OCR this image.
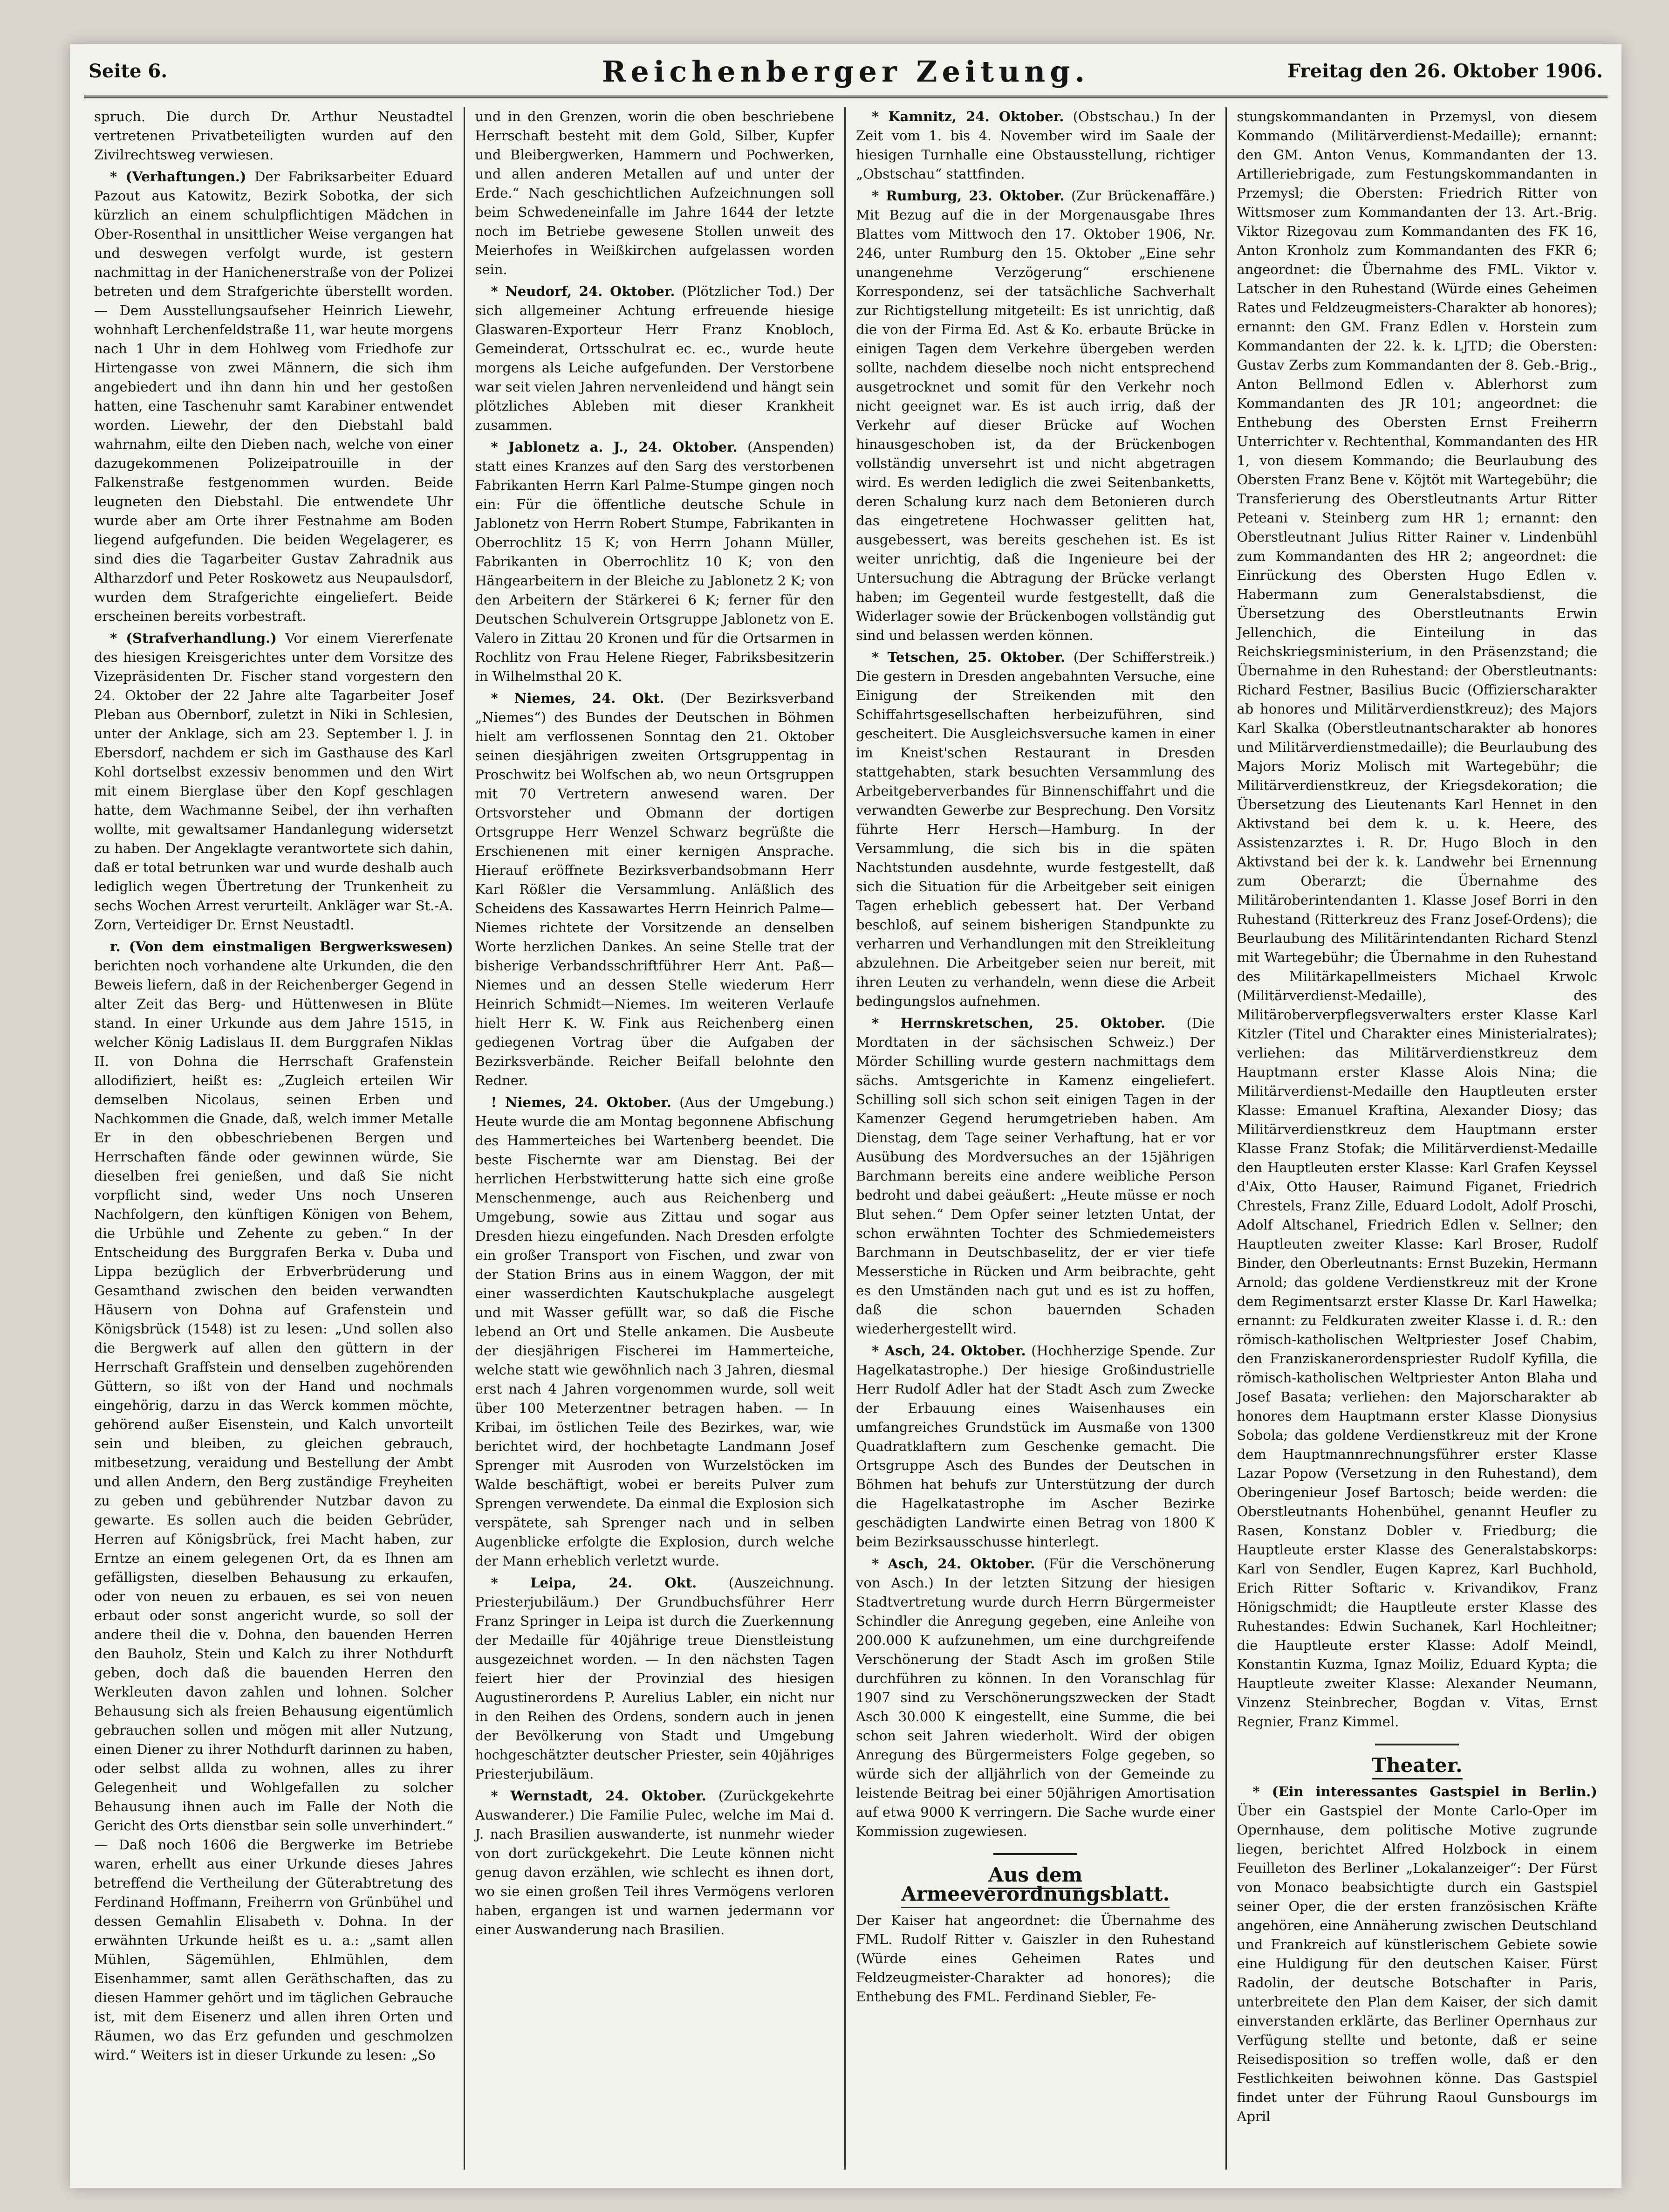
Seite 6.	Reichenberger Zeitung.	Freitag den 26. Oktober 1906.

spruch. Die durch Dr. Arthur Neustadtel vertretenen Privatbeteiligten wurden auf den Zivilrechtsweg verwiesen.

* (Verhaftungen.) Der Fabriksarbeiter Eduard Pazout aus Katowitz, Bezirk Sobotka, der sich kürzlich an einem schulpflichtigen Mädchen in Ober-Rosenthal in unsittlicher Weise vergangen hat und deswegen verfolgt wurde, ist gestern nachmittag in der Hanichenerstraße von der Polizei betreten und dem Strafgerichte überstellt worden. — Dem Ausstellungsaufseher Heinrich Liewehr, wohnhaft Lerchenfeldstraße 11, war heute morgens nach 1 Uhr in dem Hohlweg vom Friedhofe zur Hirtengasse von zwei Männern, die sich ihm angebiedert und ihn dann hin und her gestoßen hatten, eine Taschenuhr samt Karabiner entwendet worden. Liewehr, der den Diebstahl bald wahrnahm, eilte den Dieben nach, welche von einer dazugekommenen Polizeipatrouille in der Falkenstraße festgenommen wurden. Beide leugneten den Diebstahl. Die entwendete Uhr wurde aber am Orte ihrer Festnahme am Boden liegend aufgefunden. Die beiden Wegelagerer, es sind dies die Tagarbeiter Gustav Zahradnik aus Altharzdorf und Peter Roskowetz aus Neupaulsdorf, wurden dem Strafgerichte eingeliefert. Beide erscheinen bereits vorbestraft.

* (Strafverhandlung.) Vor einem Viererfenate des hiesigen Kreisgerichtes unter dem Vorsitze des Vizepräsidenten Dr. Fischer stand vorgestern den 24. Oktober der 22 Jahre alte Tagarbeiter Josef Pleban aus Obernborf, zuletzt in Niki in Schlesien, unter der Anklage, sich am 23. September l. J. in Ebersdorf, nachdem er sich im Gasthause des Karl Kohl dortselbst exzessiv benommen und den Wirt mit einem Bierglase über den Kopf geschlagen hatte, dem Wachmanne Seibel, der ihn verhaften wollte, mit gewaltsamer Handanlegung widersetzt zu haben. Der Angeklagte verantwortete sich dahin, daß er total betrunken war und wurde deshalb auch lediglich wegen Übertretung der Trunkenheit zu sechs Wochen Arrest verurteilt. Ankläger war St.-A. Zorn, Verteidiger Dr. Ernst Neustadtl.

r. (Von dem einstmaligen Bergwerkswesen) berichten noch vorhandene alte Urkunden, die den Beweis liefern, daß in der Reichenberger Gegend in alter Zeit das Berg- und Hüttenwesen in Blüte stand. In einer Urkunde aus dem Jahre 1515, in welcher König Ladislaus II. dem Burggrafen Niklas II. von Dohna die Herrschaft Grafenstein allodifiziert, heißt es: „Zugleich erteilen Wir demselben Nicolaus, seinen Erben und Nachkommen die Gnade, daß, welch immer Metalle Er in den obbeschriebenen Bergen und Herrschaften fände oder gewinnen würde, Sie dieselben frei genießen, und daß Sie nicht vorpflicht sind, weder Uns noch Unseren Nachfolgern, den künftigen Königen von Behem, die Urbühle und Zehente zu geben.“ In der Entscheidung des Burggrafen Berka v. Duba und Lippa bezüglich der Erbverbrüderung und Gesamthand zwischen den beiden verwandten Häusern von Dohna auf Grafenstein und Königsbrück (1548) ist zu lesen: „Und sollen also die Bergwerk auf allen den güttern in der Herrschaft Graffstein und denselben zugehörenden Güttern, so ißt von der Hand und nochmals eingehörig, darzu in das Werck kommen möchte, gehörend außer Eisenstein, und Kalch unvorteilt sein und bleiben, zu gleichen gebrauch, mitbesetzung, veraidung und Bestellung der Ambt und allen Andern, den Berg zuständige Freyheiten zu geben und gebührender Nutzbar davon zu gewarte. Es sollen auch die beiden Gebrüder, Herren auf Königsbrück, frei Macht haben, zur Erntze an einem gelegenen Ort, da es Ihnen am gefälligsten, dieselben Behausung zu erkaufen, oder von neuen zu erbauen, es sei von neuen erbaut oder sonst angericht wurde, so soll der andere theil die v. Dohna, den bauenden Herren den Bauholz, Stein und Kalch zu ihrer Nothdurft geben, doch daß die bauenden Herren den Werkleuten davon zahlen und lohnen. Solcher Behausung sich als freien Behausung eigentümlich gebrauchen sollen und mögen mit aller Nutzung, einen Diener zu ihrer Nothdurft darinnen zu haben, oder selbst allda zu wohnen, alles zu ihrer Gelegenheit und Wohlgefallen zu solcher Behausung ihnen auch im Falle der Noth die Gericht des Orts dienstbar sein solle unverhindert.“ — Daß noch 1606 die Bergwerke im Betriebe waren, erhellt aus einer Urkunde dieses Jahres betreffend die Vertheilung der Güterabtretung des Ferdinand Hoffmann, Freiherrn von Grünbühel und dessen Gemahlin Elisabeth v. Dohna. In der erwähnten Urkunde heißt es u. a.: „samt allen Mühlen, Sägemühlen, Ehlmühlen, dem Eisenhammer, samt allen Geräthschaften, das zu diesen Hammer gehört und im täglichen Gebrauche ist, mit dem Eisenerz und allen ihren Orten und Räumen, wo das Erz gefunden und geschmolzen wird.“ Weiters ist in dieser Urkunde zu lesen: „So

und in den Grenzen, worin die oben beschriebene Herrschaft besteht mit dem Gold, Silber, Kupfer und Bleibergwerken, Hammern und Pochwerken, und allen anderen Metallen auf und unter der Erde.“ Nach geschichtlichen Aufzeichnungen soll beim Schwedeneinfalle im Jahre 1644 der letzte noch im Betriebe gewesene Stollen unweit des Meierhofes in Weißkirchen aufgelassen worden sein.

* Neudorf, 24. Oktober. (Plötzlicher Tod.) Der sich allgemeiner Achtung erfreuende hiesige Glaswaren-Exporteur Herr Franz Knobloch, Gemeinderat, Ortsschulrat ec. ec., wurde heute morgens als Leiche aufgefunden. Der Verstorbene war seit vielen Jahren nervenleidend und hängt sein plötzliches Ableben mit dieser Krankheit zusammen.

* Jablonetz a. J., 24. Oktober. (Anspenden) statt eines Kranzes auf den Sarg des verstorbenen Fabrikanten Herrn Karl Palme-Stumpe gingen noch ein: Für die öffentliche deutsche Schule in Jablonetz von Herrn Robert Stumpe, Fabrikanten in Oberrochlitz 15 K; von Herrn Johann Müller, Fabrikanten in Oberrochlitz 10 K; von den Hängearbeitern in der Bleiche zu Jablonetz 2 K; von den Arbeitern der Stärkerei 6 K; ferner für den Deutschen Schulverein Ortsgruppe Jablonetz von E. Valero in Zittau 20 Kronen und für die Ortsarmen in Rochlitz von Frau Helene Rieger, Fabriksbesitzerin in Wilhelmsthal 20 K.

* Niemes, 24. Okt. (Der Bezirksverband „Niemes“) des Bundes der Deutschen in Böhmen hielt am verflossenen Sonntag den 21. Oktober seinen diesjährigen zweiten Ortsgruppentag in Proschwitz bei Wolfschen ab, wo neun Ortsgruppen mit 70 Vertretern anwesend waren. Der Ortsvorsteher und Obmann der dortigen Ortsgruppe Herr Wenzel Schwarz begrüßte die Erschienenen mit einer kernigen Ansprache. Hierauf eröffnete Bezirksverbandsobmann Herr Karl Rößler die Versammlung. Anläßlich des Scheidens des Kassawartes Herrn Heinrich Palme—Niemes richtete der Vorsitzende an denselben Worte herzlichen Dankes. An seine Stelle trat der bisherige Verbandsschriftführer Herr Ant. Paß—Niemes und an dessen Stelle wiederum Herr Heinrich Schmidt—Niemes. Im weiteren Verlaufe hielt Herr K. W. Fink aus Reichenberg einen gediegenen Vortrag über die Aufgaben der Bezirksverbände. Reicher Beifall belohnte den Redner.

! Niemes, 24. Oktober. (Aus der Umgebung.) Heute wurde die am Montag begonnene Abfischung des Hammerteiches bei Wartenberg beendet. Die beste Fischernte war am Dienstag. Bei der herrlichen Herbstwitterung hatte sich eine große Menschenmenge, auch aus Reichenberg und Umgebung, sowie aus Zittau und sogar aus Dresden hiezu eingefunden. Nach Dresden erfolgte ein großer Transport von Fischen, und zwar von der Station Brins aus in einem Waggon, der mit einer wasserdichten Kautschukplache ausgelegt und mit Wasser gefüllt war, so daß die Fische lebend an Ort und Stelle ankamen. Die Ausbeute der diesjährigen Fischerei im Hammerteiche, welche statt wie gewöhnlich nach 3 Jahren, diesmal erst nach 4 Jahren vorgenommen wurde, soll weit über 100 Meterzentner betragen haben. — In Kribai, im östlichen Teile des Bezirkes, war, wie berichtet wird, der hochbetagte Landmann Josef Sprenger mit Ausroden von Wurzelstöcken im Walde beschäftigt, wobei er bereits Pulver zum Sprengen verwendete. Da einmal die Explosion sich verspätete, sah Sprenger nach und in selben Augenblicke erfolgte die Explosion, durch welche der Mann erheblich verletzt wurde.

* Leipa, 24. Okt. (Auszeichnung. Priesterjubiläum.) Der Grundbuchsführer Herr Franz Springer in Leipa ist durch die Zuerkennung der Medaille für 40jährige treue Dienstleistung ausgezeichnet worden. — In den nächsten Tagen feiert hier der Provinzial des hiesigen Augustinerordens P. Aurelius Labler, ein nicht nur in den Reihen des Ordens, sondern auch in jenen der Bevölkerung von Stadt und Umgebung hochgeschätzter deutscher Priester, sein 40jähriges Priesterjubiläum.

* Wernstadt, 24. Oktober. (Zurückgekehrte Auswanderer.) Die Familie Pulec, welche im Mai d. J. nach Brasilien auswanderte, ist nunmehr wieder von dort zurückgekehrt. Die Leute können nicht genug davon erzählen, wie schlecht es ihnen dort, wo sie einen großen Teil ihres Vermögens verloren haben, ergangen ist und warnen jedermann vor einer Auswanderung nach Brasilien.

* Kamnitz, 24. Oktober. (Obstschau.) In der Zeit vom 1. bis 4. November wird im Saale der hiesigen Turnhalle eine Obstausstellung, richtiger „Obstschau“ stattfinden.

* Rumburg, 23. Oktober. (Zur Brückenaffäre.) Mit Bezug auf die in der Morgenausgabe Ihres Blattes vom Mittwoch den 17. Oktober 1906, Nr. 246, unter Rumburg den 15. Oktober „Eine sehr unangenehme Verzögerung“ erschienene Korrespondenz, sei der tatsächliche Sachverhalt zur Richtigstellung mitgeteilt: Es ist unrichtig, daß die von der Firma Ed. Ast & Ko. erbaute Brücke in einigen Tagen dem Verkehre übergeben werden sollte, nachdem dieselbe noch nicht entsprechend ausgetrocknet und somit für den Verkehr noch nicht geeignet war. Es ist auch irrig, daß der Verkehr auf dieser Brücke auf Wochen hinausgeschoben ist, da der Brückenbogen vollständig unversehrt ist und nicht abgetragen wird. Es werden lediglich die zwei Seitenbanketts, deren Schalung kurz nach dem Betonieren durch das eingetretene Hochwasser gelitten hat, ausgebessert, was bereits geschehen ist. Es ist weiter unrichtig, daß die Ingenieure bei der Untersuchung die Abtragung der Brücke verlangt haben; im Gegenteil wurde festgestellt, daß die Widerlager sowie der Brückenbogen vollständig gut sind und belassen werden können.

* Tetschen, 25. Oktober. (Der Schifferstreik.) Die gestern in Dresden angebahnten Versuche, eine Einigung der Streikenden mit den Schiffahrtsgesellschaften herbeizuführen, sind gescheitert. Die Ausgleichsversuche kamen in einer im Kneist'schen Restaurant in Dresden stattgehabten, stark besuchten Versammlung des Arbeitgeberverbandes für Binnenschiffahrt und die verwandten Gewerbe zur Besprechung. Den Vorsitz führte Herr Hersch—Hamburg. In der Versammlung, die sich bis in die späten Nachtstunden ausdehnte, wurde festgestellt, daß sich die Situation für die Arbeitgeber seit einigen Tagen erheblich gebessert hat. Der Verband beschloß, auf seinem bisherigen Standpunkte zu verharren und Verhandlungen mit den Streikleitung abzulehnen. Die Arbeitgeber seien nur bereit, mit ihren Leuten zu verhandeln, wenn diese die Arbeit bedingungslos aufnehmen.

* Herrnskretschen, 25. Oktober. (Die Mordtaten in der sächsischen Schweiz.) Der Mörder Schilling wurde gestern nachmittags dem sächs. Amtsgerichte in Kamenz eingeliefert. Schilling soll sich schon seit einigen Tagen in der Kamenzer Gegend herumgetrieben haben. Am Dienstag, dem Tage seiner Verhaftung, hat er vor Ausübung des Mordversuches an der 15jährigen Barchmann bereits eine andere weibliche Person bedroht und dabei geäußert: „Heute müsse er noch Blut sehen.“ Dem Opfer seiner letzten Untat, der schon erwähnten Tochter des Schmiedemeisters Barchmann in Deutschbaselitz, der er vier tiefe Messerstiche in Rücken und Arm beibrachte, geht es den Umständen nach gut und es ist zu hoffen, daß die schon bauernden Schaden wiederhergestellt wird.

* Asch, 24. Oktober. (Hochherzige Spende. Zur Hagelkatastrophe.) Der hiesige Großindustrielle Herr Rudolf Adler hat der Stadt Asch zum Zwecke der Erbauung eines Waisenhauses ein umfangreiches Grundstück im Ausmaße von 1300 Quadratklaftern zum Geschenke gemacht. Die Ortsgruppe Asch des Bundes der Deutschen in Böhmen hat behufs zur Unterstützung der durch die Hagelkatastrophe im Ascher Bezirke geschädigten Landwirte einen Betrag von 1800 K beim Bezirksausschusse hinterlegt.

* Asch, 24. Oktober. (Für die Verschönerung von Asch.) In der letzten Sitzung der hiesigen Stadtvertretung wurde durch Herrn Bürgermeister Schindler die Anregung gegeben, eine Anleihe von 200.000 K aufzunehmen, um eine durchgreifende Verschönerung der Stadt Asch im großen Stile durchführen zu können. In den Voranschlag für 1907 sind zu Verschönerungszwecken der Stadt Asch 30.000 K eingestellt, eine Summe, die bei schon seit Jahren wiederholt. Wird der obigen Anregung des Bürgermeisters Folge gegeben, so würde sich der alljährlich von der Gemeinde zu leistende Beitrag bei einer 50jährigen Amortisation auf etwa 9000 K verringern. Die Sache wurde einer Kommission zugewiesen.

Aus dem Armeeverordnungsblatt.

Der Kaiser hat angeordnet: die Übernahme des FML. Rudolf Ritter v. Gaiszler in den Ruhestand (Würde eines Geheimen Rates und Feldzeugmeister-Charakter ad honores); die Enthebung des FML. Ferdinand Siebler, Fe-

stungskommandanten in Przemysl, von diesem Kommando (Militärverdienst-Medaille); ernannt: den GM. Anton Venus, Kommandanten der 13. Artilleriebrigade, zum Festungskommandanten in Przemysl; die Obersten: Friedrich Ritter von Wittsmoser zum Kommandanten der 13. Art.-Brig. Viktor Rizegovau zum Kommandanten des FK 16, Anton Kronholz zum Kommandanten des FKR 6; angeordnet: die Übernahme des FML. Viktor v. Latscher in den Ruhestand (Würde eines Geheimen Rates und Feldzeugmeisters-Charakter ab honores); ernannt: den GM. Franz Edlen v. Horstein zum Kommandanten der 22. k. k. LJTD; die Obersten: Gustav Zerbs zum Kommandanten der 8. Geb.-Brig., Anton Bellmond Edlen v. Ablerhorst zum Kommandanten des JR 101; angeordnet: die Enthebung des Obersten Ernst Freiherrn Unterrichter v. Rechtenthal, Kommandanten des HR 1, von diesem Kommando; die Beurlaubung des Obersten Franz Bene v. Köjtöt mit Wartegebühr; die Transferierung des Oberstleutnants Artur Ritter Peteani v. Steinberg zum HR 1; ernannt: den Oberstleutnant Julius Ritter Rainer v. Lindenbühl zum Kommandanten des HR 2; angeordnet: die Einrückung des Obersten Hugo Edlen v. Habermann zum Generalstabsdienst, die Übersetzung des Oberstleutnants Erwin Jellenchich, die Einteilung in das Reichskriegsministerium, in den Präsenzstand; die Übernahme in den Ruhestand: der Oberstleutnants: Richard Festner, Basilius Bucic (Offizierscharakter ab honores und Militärverdienstkreuz); des Majors Karl Skalka (Oberstleutnantscharakter ab honores und Militärverdienstmedaille); die Beurlaubung des Majors Moriz Molisch mit Wartegebühr; die Militärverdienstkreuz, der Kriegsdekoration; die Übersetzung des Lieutenants Karl Hennet in den Aktivstand bei dem k. u. k. Heere, des Assistenzarztes i. R. Dr. Hugo Bloch in den Aktivstand bei der k. k. Landwehr bei Ernennung zum Oberarzt; die Übernahme des Militäroberintendanten 1. Klasse Josef Borri in den Ruhestand (Ritterkreuz des Franz Josef-Ordens); die Beurlaubung des Militärintendanten Richard Stenzl mit Wartegebühr; die Übernahme in den Ruhestand des Militärkapellmeisters Michael Krwolc (Militärverdienst-Medaille), des Militäroberverpflegsverwalters erster Klasse Karl Kitzler (Titel und Charakter eines Ministerialrates); verliehen: das Militärverdienstkreuz dem Hauptmann erster Klasse Alois Nina; die Militärverdienst-Medaille den Hauptleuten erster Klasse: Emanuel Kraftina, Alexander Diosy; das Militärverdienstkreuz dem Hauptmann erster Klasse Franz Stofak; die Militärverdienst-Medaille den Hauptleuten erster Klasse: Karl Grafen Keyssel d'Aix, Otto Hauser, Raimund Figanet, Friedrich Chrestels, Franz Zille, Eduard Lodolt, Adolf Proschi, Adolf Altschanel, Friedrich Edlen v. Sellner; den Hauptleuten zweiter Klasse: Karl Broser, Rudolf Binder, den Oberleutnants: Ernst Buzekin, Hermann Arnold; das goldene Verdienstkreuz mit der Krone dem Regimentsarzt erster Klasse Dr. Karl Hawelka; ernannt: zu Feldkuraten zweiter Klasse i. d. R.: den römisch-katholischen Weltpriester Josef Chabim, den Franziskanerordenspriester Rudolf Kyfilla, die römisch-katholischen Weltpriester Anton Blaha und Josef Basata; verliehen: den Majorscharakter ab honores dem Hauptmann erster Klasse Dionysius Sobola; das goldene Verdienstkreuz mit der Krone dem Hauptmannrechnungsführer erster Klasse Lazar Popow (Versetzung in den Ruhestand), dem Oberingenieur Josef Bartosch; beide werden: die Oberstleutnants Hohenbühel, genannt Heufler zu Rasen, Konstanz Dobler v. Friedburg; die Hauptleute erster Klasse des Generalstabskorps: Karl von Sendler, Eugen Kaprez, Karl Buchhold, Erich Ritter Softaric v. Krivandikov, Franz Hönigschmidt; die Hauptleute erster Klasse des Ruhestandes: Edwin Suchanek, Karl Hochleitner; die Hauptleute erster Klasse: Adolf Meindl, Konstantin Kuzma, Ignaz Moiliz, Eduard Kypta; die Hauptleute zweiter Klasse: Alexander Neumann, Vinzenz Steinbrecher, Bogdan v. Vitas, Ernst Regnier, Franz Kimmel.

Theater.

* (Ein interessantes Gastspiel in Berlin.) Über ein Gastspiel der Monte Carlo-Oper im Opernhause, dem politische Motive zugrunde liegen, berichtet Alfred Holzbock in einem Feuilleton des Berliner „Lokalanzeiger“: Der Fürst von Monaco beabsichtigte durch ein Gastspiel seiner Oper, die der ersten französischen Kräfte angehören, eine Annäherung zwischen Deutschland und Frankreich auf künstlerischem Gebiete sowie eine Huldigung für den deutschen Kaiser. Fürst Radolin, der deutsche Botschafter in Paris, unterbreitete den Plan dem Kaiser, der sich damit einverstanden erklärte, das Berliner Opernhaus zur Verfügung stellte und betonte, daß er seine Reisedisposition so treffen wolle, daß er den Festlichkeiten beiwohnen könne. Das Gastspiel findet unter der Führung Raoul Gunsbourgs im April
